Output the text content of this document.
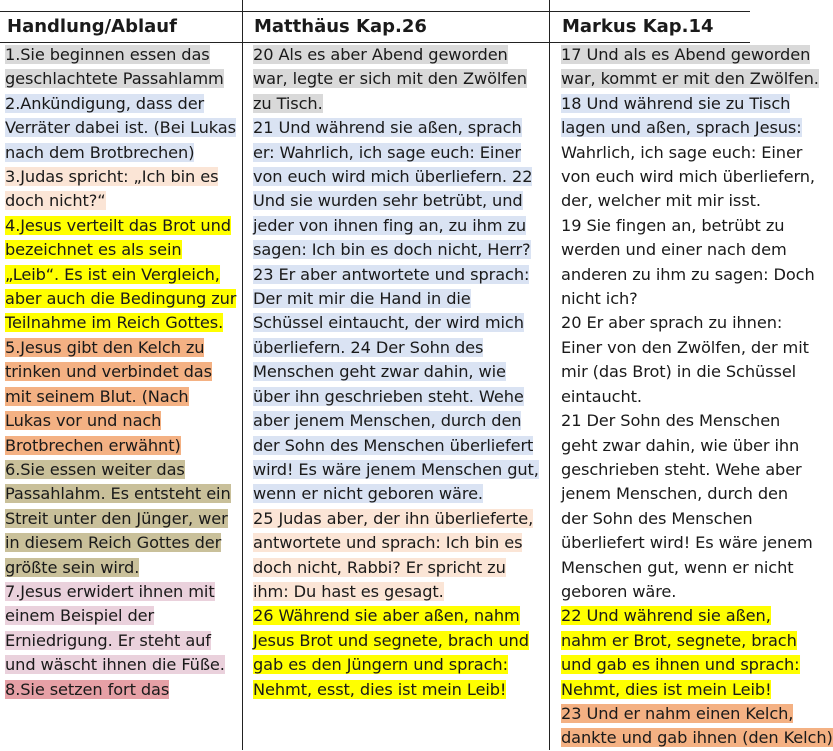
Handlung/Ablauf	Matthäus Kap.26	Markus Kap.14
1.Sie beginnen essen das geschlachtete Passahlamm
2.Ankündigung, dass der Verräter dabei ist. (Bei Lukas nach dem Brotbrechen)
3.Judas spricht: „Ich bin es doch nicht?“
4.Jesus verteilt das Brot und bezeichnet es als sein „Leib“. Es ist ein Vergleich, aber auch die Bedingung zur Teilnahme im Reich Gottes.
5.Jesus gibt den Kelch zu trinken und verbindet das mit seinem Blut. (Nach Lukas vor und nach Brotbrechen erwähnt)
6.Sie essen weiter das Passahlahm. Es entsteht ein Streit unter den Jünger, wer in diesem Reich Gottes der größte sein wird.
7.Jesus erwidert ihnen mit einem Beispiel der Erniedrigung. Er steht auf und wäscht ihnen die Füße.
8.Sie setzen fort das
20 Als es aber Abend geworden war, legte er sich mit den Zwölfen zu Tisch.
21 Und während sie aßen, sprach er: Wahrlich, ich sage euch: Einer von euch wird mich überliefern. 22 Und sie wurden sehr betrübt, und jeder von ihnen fing an, zu ihm zu sagen: Ich bin es doch nicht, Herr? 23 Er aber antwortete und sprach: Der mit mir die Hand in die Schüssel eintaucht, der wird mich überliefern. 24 Der Sohn des Menschen geht zwar dahin, wie über ihn geschrieben steht. Wehe aber jenem Menschen, durch den der Sohn des Menschen überliefert wird! Es wäre jenem Menschen gut, wenn er nicht geboren wäre.
25 Judas aber, der ihn überlieferte, antwortete und sprach: Ich bin es doch nicht, Rabbi? Er spricht zu ihm: Du hast es gesagt.
26 Während sie aber aßen, nahm Jesus Brot und segnete, brach und gab es den Jüngern und sprach: Nehmt, esst, dies ist mein Leib!
17 Und als es Abend geworden
war, kommt er mit den Zwölfen.
18 Und während sie zu Tisch
lagen und aßen, sprach Jesus:
Wahrlich, ich sage euch: Einer
von euch wird mich überliefern,
der, welcher mit mir isst.
19 Sie fingen an, betrübt zu
werden und einer nach dem
anderen zu ihm zu sagen: Doch
nicht ich?
20 Er aber sprach zu ihnen:
Einer von den Zwölfen, der mit
mir (das Brot) in die Schüssel
eintaucht.
21 Der Sohn des Menschen
geht zwar dahin, wie über ihn
geschrieben steht. Wehe aber
jenem Menschen, durch den
der Sohn des Menschen
überliefert wird! Es wäre jenem
Menschen gut, wenn er nicht
geboren wäre.
22 Und während sie aßen,
nahm er Brot, segnete, brach
und gab es ihnen und sprach:
Nehmt, dies ist mein Leib!
23 Und er nahm einen Kelch,
dankte und gab ihnen (den Kelch)
